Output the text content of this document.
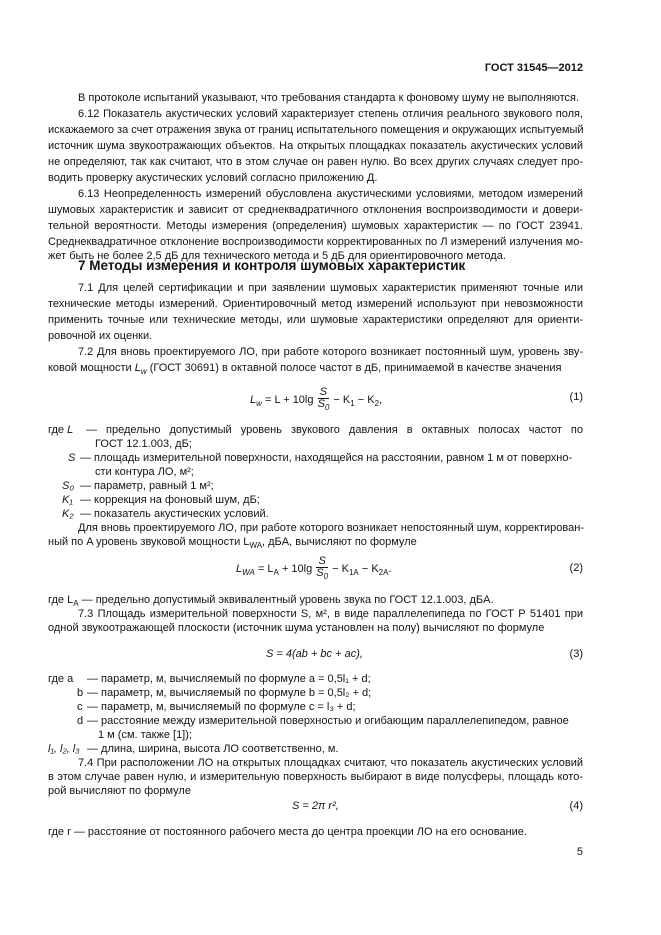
ГОСТ 31545—2012
В протоколе испытаний указывают, что требования стандарта к фоновому шуму не выполняются.
6.12 Показатель акустических условий характеризует степень отличия реального звукового поля,
искажаемого за счет отражения звука от границ испытательного помещения и окружающих испытуемый
источник шума звукоотражающих объектов. На открытых площадках показатель акустических условий
не определяют, так как считают, что в этом случае он равен нулю. Во всех других случаях следует про-
водить проверку акустических условий согласно приложению Д.
6.13 Неопределенность измерений обусловлена акустическими условиями, методом измерений
шумовых характеристик и зависит от среднеквадратичного отклонения воспроизводимости и довери-
тельной вероятности. Методы измерения (определения) шумовых характеристик — по ГОСТ 23941.
Среднеквадратичное отклонение воспроизводимости корректированных по Л измерений излучения мо-
жет быть не более 2,5 дБ для технического метода и 5 дБ для ориентировочного метода.
7 Методы измерения и контроля шумовых характеристик
7.1 Для целей сертификации и при заявлении шумовых характеристик применяют точные или
технические методы измерений. Ориентировочный метод измерений используют при невозможности
применить точные или технические методы, или шумовые характеристики определяют для ориенти-
ровочной их оценки.
7.2 Для вновь проектируемого ЛО, при работе которого возникает постоянный шум, уровень зву-
ковой мощности $L_w$ (ГОСТ 30691) в октавной полосе частот в дБ, принимаемой в качестве значения
$L_w = L + 10\lg \frac{S}{S_0} - K_1 - K_2$,	(1)
где L — предельно допустимый уровень звукового давления в октавных полосах частот по
ГОСТ 12.1.003, дБ;
S — площадь измерительной поверхности, находящейся на расстоянии, равном 1 м от поверхно-
сти контура ЛО, м²;
S₀ — параметр, равный 1 м²;
K₁ — коррекция на фоновый шум, дБ;
K₂ — показатель акустических условий.
Для вновь проектируемого ЛО, при работе которого возникает непостоянный шум, корректирован-
ный по A уровень звуковой мощности $L_{WA}$, дБA, вычисляют по формуле
$L_{WA} = L_A + 10\lg \frac{S}{S_0} - K_{1A} - K_{2A}$.	(2)
где $L_A$ — предельно допустимый эквивалентный уровень звука по ГОСТ 12.1.003, дБA.
7.3 Площадь измерительной поверхности S, м², в виде параллелепипеда по ГОСТ Р 51401 при
одной звукоотражающей плоскости (источник шума установлен на полу) вычисляют по формуле
S = 4(ab + bc + ac),	(3)
где a — параметр, м, вычисляемый по формуле a = 0,5l₁ + d;
b — параметр, м, вычисляемый по формуле b = 0,5l₂ + d;
c — параметр, м, вычисляемый по формуле c = l₃ + d;
d — расстояние между измерительной поверхностью и огибающим параллелепипедом, равное
1 м (см. также [1]);
l₁, l₂, l₃ — длина, ширина, высота ЛО соответственно, м.
7.4 При расположении ЛО на открытых площадках считают, что показатель акустических условий
в этом случае равен нулю, и измерительную поверхность выбирают в виде полусферы, площадь кото-
рой вычисляют по формуле
S = 2π r²,	(4)
где r — расстояние от постоянного рабочего места до центра проекции ЛО на его основание.
5
